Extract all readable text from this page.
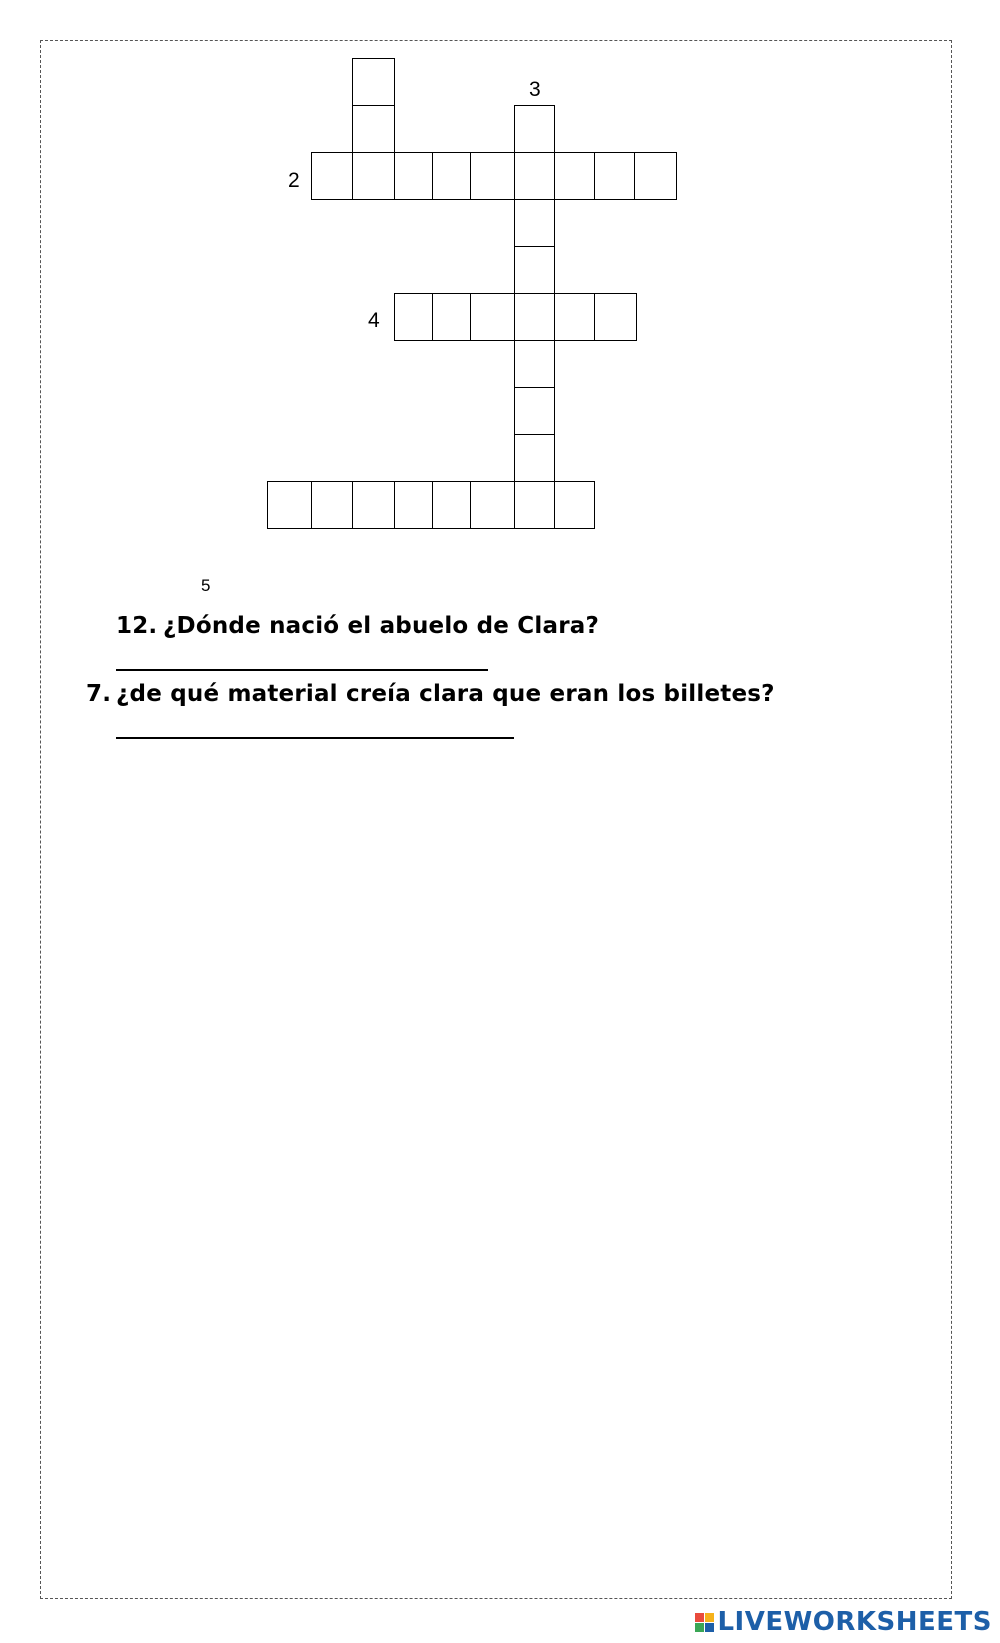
3
2
4
5
12. ¿Dónde nació el abuelo de Clara?
7. ¿de qué material creía clara que eran los billetes?
LIVEWORKSHEETS
